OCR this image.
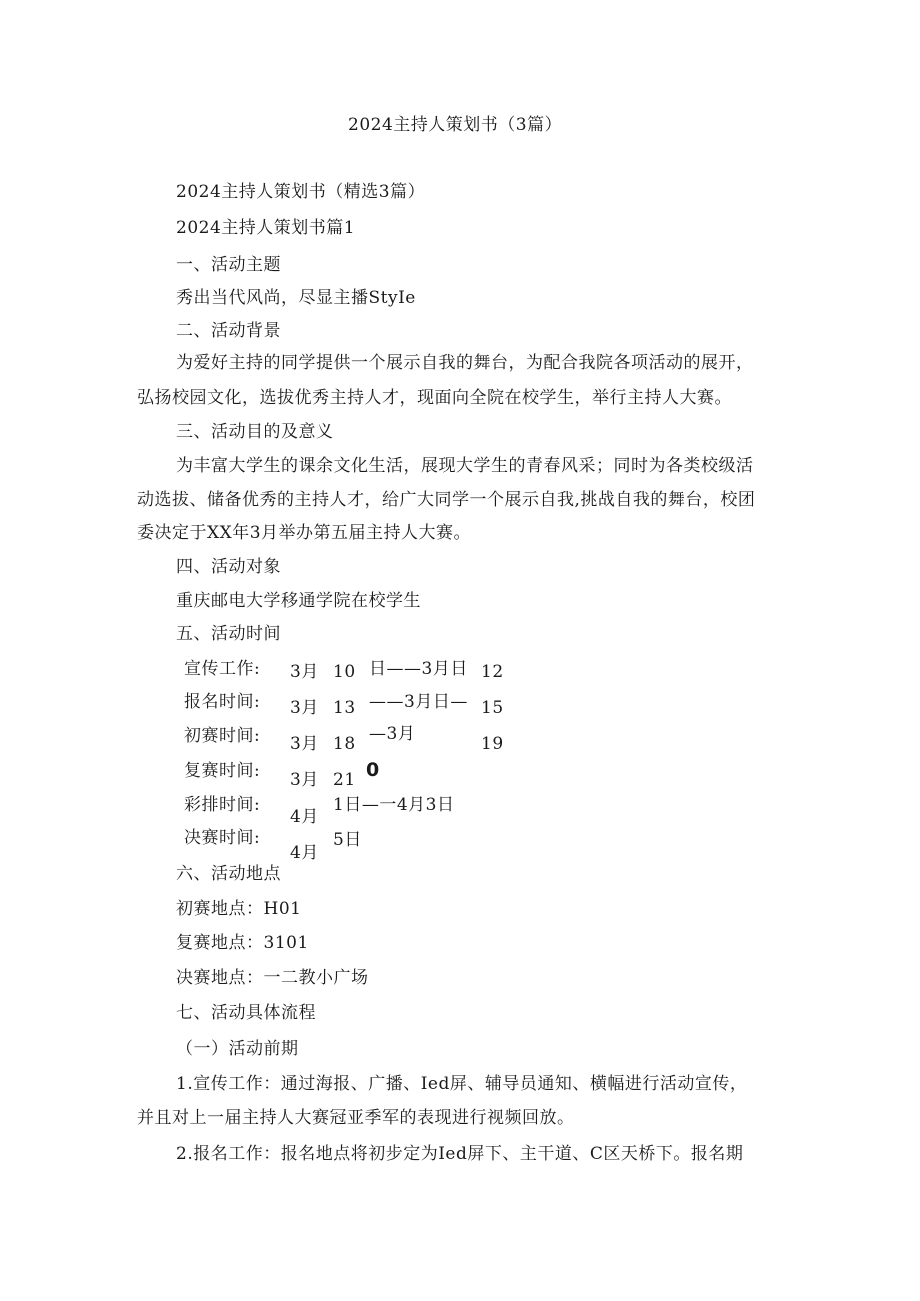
2024主持人策划书（3篇）
2024主持人策划书（精选3篇）
2024主持人策划书篇1
一、活动主题
秀出当代风尚，尽显主播StyIe
二、活动背景
为爱好主持的同学提供一个展示自我的舞台，为配合我院各项活动的展开，
弘扬校园文化，选拔优秀主持人才，现面向全院在校学生，举行主持人大赛。
三、活动目的及意义
为丰富大学生的课余文化生活，展现大学生的青春风采；同时为各类校级活
动选拔、储备优秀的主持人才，给广大同学一个展示自我,挑战自我的舞台，校团
委决定于XX年3月举办第五届主持人大赛。
四、活动对象
重庆邮电大学移通学院在校学生
五、活动时间
宣传工作: 3月 10 日——3月日 12
报名时间: 3月 13 ——3月日— 15
初赛时间: 3月 18 —3月	19
复赛时间: 3月 21 0
彩排时间:
4月
1日—一4月3日
决赛时间:
4月
5日
六、活动地点
初赛地点：H01
复赛地点：3101
决赛地点：一二教小广场
七、活动具体流程
（一）活动前期
1.宣传工作：通过海报、广播、Ied屏、辅导员通知、横幅进行活动宣传，
并且对上一届主持人大赛冠亚季军的表现进行视频回放。
2.报名工作：报名地点将初步定为Ied屏下、主干道、C区天桥下。报名期
